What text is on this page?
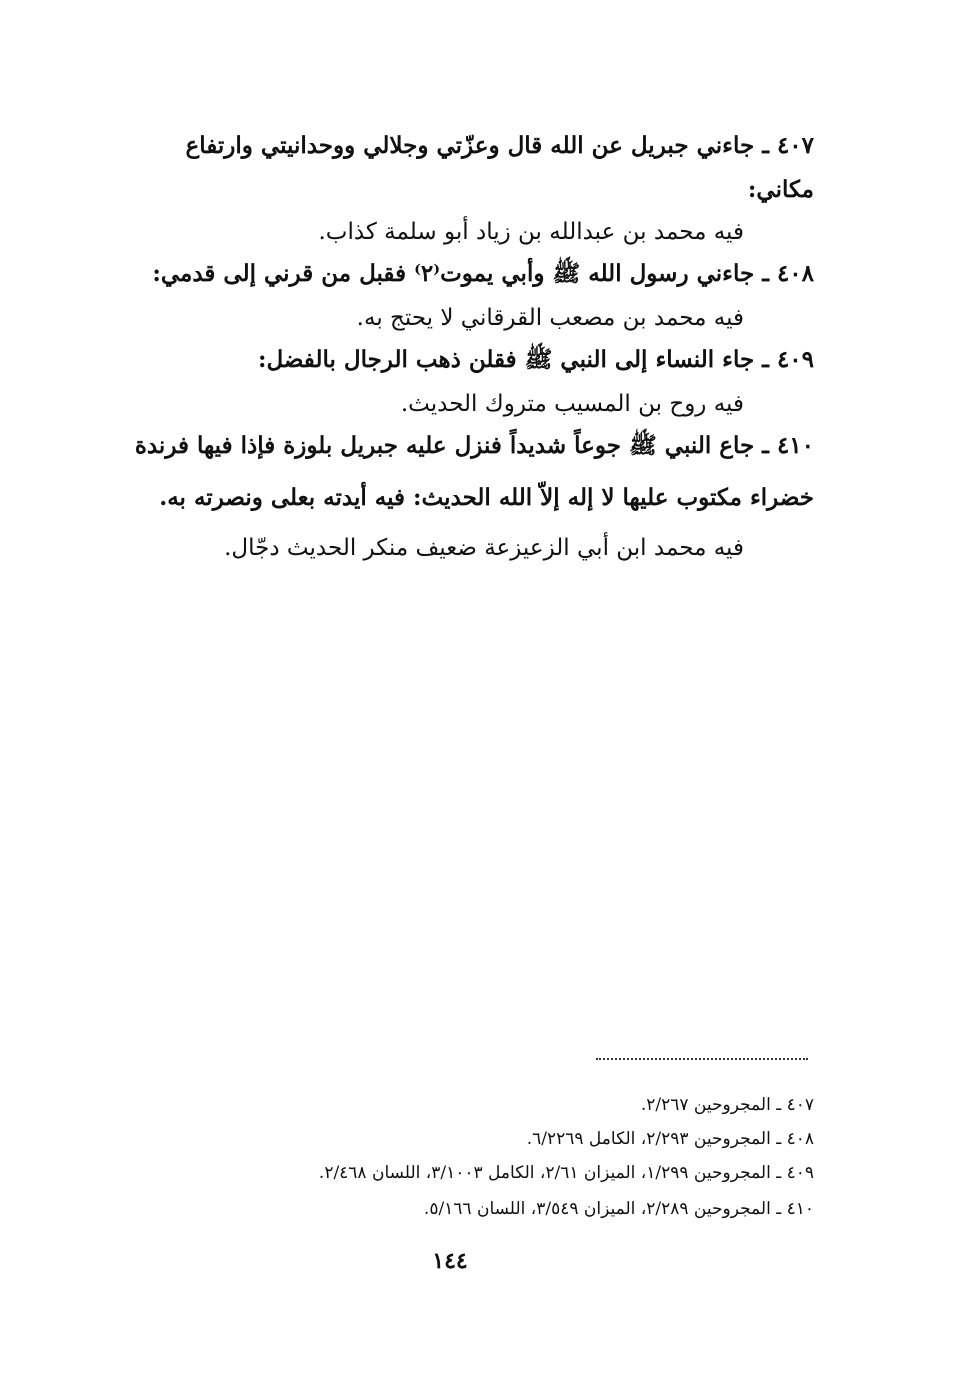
٤٠٧ ـ جاءني جبريل عن الله قال وعزّتي وجلالي ووحدانيتي وارتفاع
مكاني:
فيه محمد بن عبدالله بن زياد أبو سلمة كذاب.
٤٠٨ ـ جاءني رسول الله ﷺ وأبي يموت⁽٢⁾ فقبل من قرني إلى قدمي:
فيه محمد بن مصعب القرقاني لا يحتج به.
٤٠٩ ـ جاء النساء إلى النبي ﷺ فقلن ذهب الرجال بالفضل:
فيه روح بن المسيب متروك الحديث.
٤١٠ ـ جاع النبي ﷺ جوعاً شديداً فنزل عليه جبريل بلوزة فإذا فيها فرندة
خضراء مكتوب عليها لا إله إلاّ الله الحديث: فيه أيدته بعلى ونصرته به.
فيه محمد ابن أبي الزعيزعة ضعيف منكر الحديث دجّال.
٤٠٧ ـ المجروحين ٢/٢٦٧.
٤٠٨ ـ المجروحين ٢/٢٩٣، الكامل ٦/٢٢٦٩.
٤٠٩ ـ المجروحين ١/٢٩٩، الميزان ٢/٦١، الكامل ٣/١٠٠٣، اللسان ٢/٤٦٨.
٤١٠ ـ المجروحين ٢/٢٨٩، الميزان ٣/٥٤٩، اللسان ٥/١٦٦.
١٤٤
